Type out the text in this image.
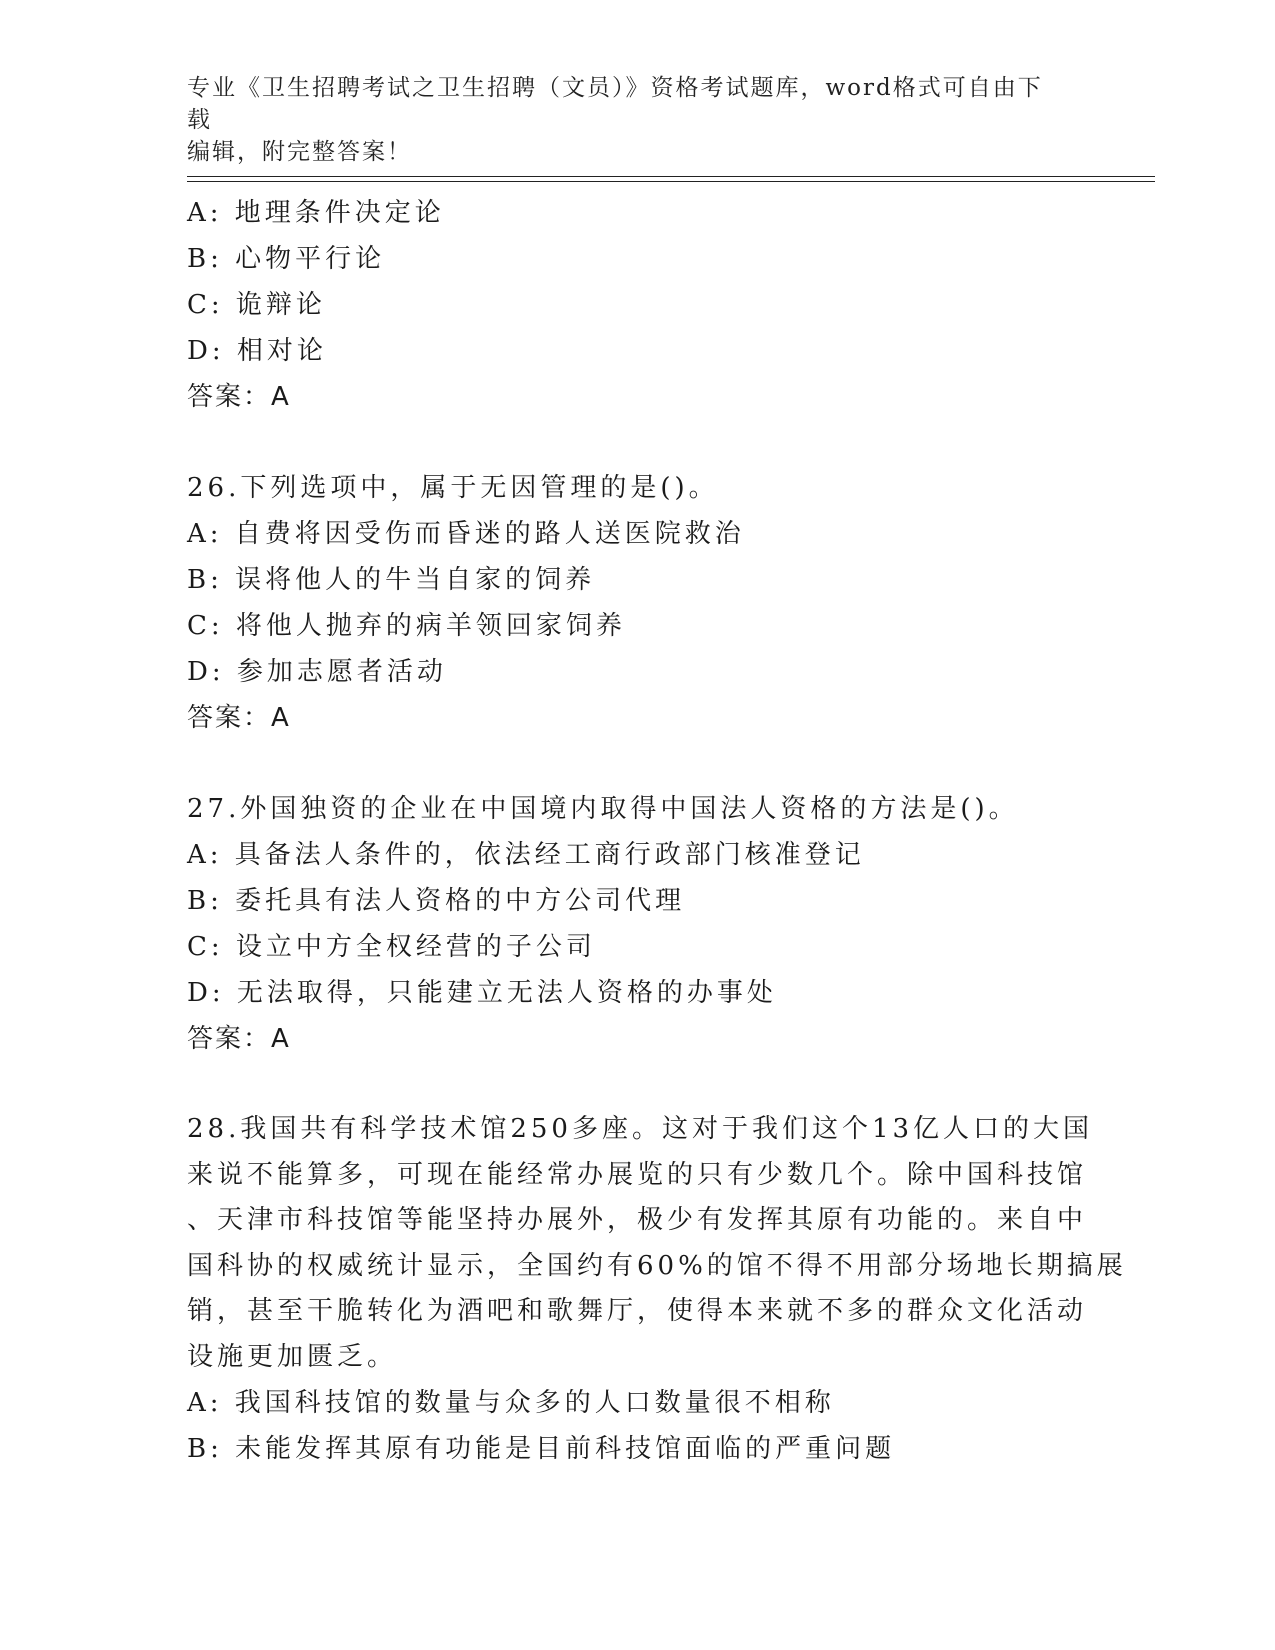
专业《卫生招聘考试之卫生招聘（文员）》资格考试题库，word格式可自由下载
编辑，附完整答案！
A: 地理条件决定论
B: 心物平行论
C: 诡辩论
D: 相对论
答案：A
26.下列选项中，属于无因管理的是()。
A: 自费将因受伤而昏迷的路人送医院救治
B: 误将他人的牛当自家的饲养
C: 将他人抛弃的病羊领回家饲养
D: 参加志愿者活动
答案：A
27.外国独资的企业在中国境内取得中国法人资格的方法是()。
A: 具备法人条件的，依法经工商行政部门核准登记
B: 委托具有法人资格的中方公司代理
C: 设立中方全权经营的子公司
D: 无法取得，只能建立无法人资格的办事处
答案：A
28.我国共有科学技术馆250多座。这对于我们这个13亿人口的大国
来说不能算多，可现在能经常办展览的只有少数几个。除中国科技馆
、天津市科技馆等能坚持办展外，极少有发挥其原有功能的。来自中
国科协的权威统计显示，全国约有60%的馆不得不用部分场地长期搞展
销，甚至干脆转化为酒吧和歌舞厅，使得本来就不多的群众文化活动
设施更加匮乏。
A: 我国科技馆的数量与众多的人口数量很不相称
B: 未能发挥其原有功能是目前科技馆面临的严重问题
